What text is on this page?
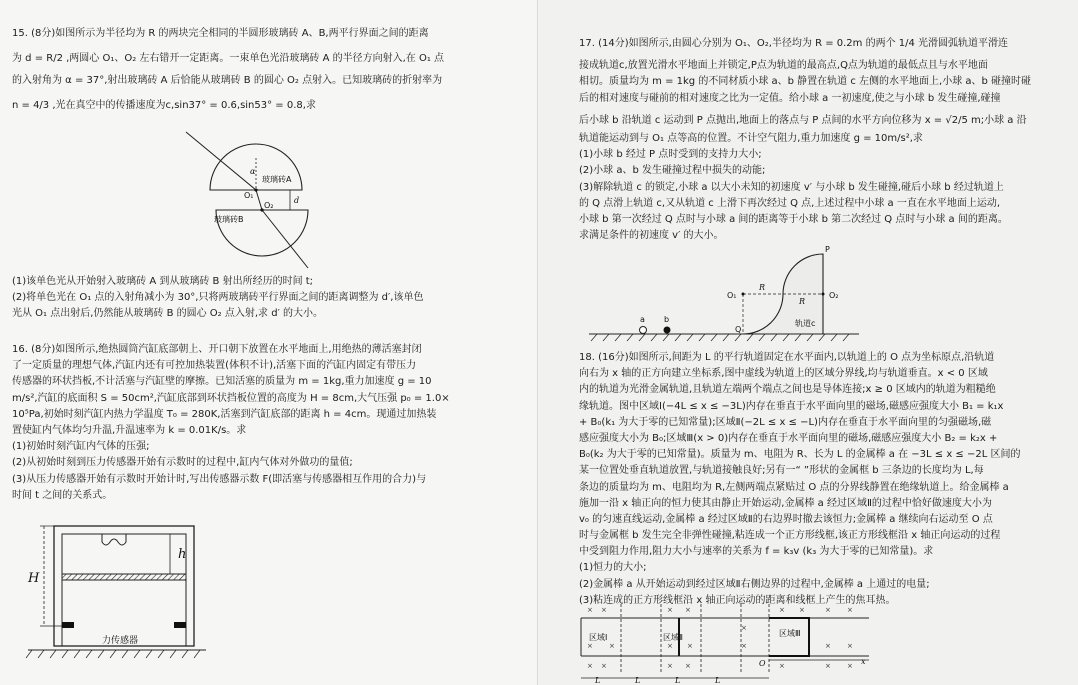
15. (8分)如图所示为半径均为 R 的两块完全相同的半圆形玻璃砖 A、B,两平行界面之间的距离

为 d = R/2 ,两圆心 O₁、O₂ 左右错开一定距离。一束单色光沿玻璃砖 A 的半径方向射入,在 O₁ 点

的入射角为 α = 37°,射出玻璃砖 A 后恰能从玻璃砖 B 的圆心 O₂ 点射入。已知玻璃砖的折射率为

n = 4/3 ,光在真空中的传播速度为c,sin37° = 0.6,sin53° = 0.8,求

α
O₁
O₂
玻璃砖A
玻璃砖B
d

(1)该单色光从开始射入玻璃砖 A 到从玻璃砖 B 射出所经历的时间 t;

(2)将单色光在 O₁ 点的入射角减小为 30°,只将两玻璃砖平行界面之间的距离调整为 d′,该单色

光从 O₁ 点出射后,仍然能从玻璃砖 B 的圆心 O₂ 点入射,求 d′ 的大小。

16. (8分)如图所示,绝热圆筒汽缸底部朝上、开口朝下放置在水平地面上,用绝热的薄活塞封闭

了一定质量的理想气体,汽缸内还有可控加热装置(体积不计),活塞下面的汽缸内固定有带压力

传感器的环状挡板,不计活塞与汽缸壁的摩擦。已知活塞的质量为 m = 1kg,重力加速度 g = 10

m/s²,汽缸的底面积 S = 50cm²,汽缸底部到环状挡板位置的高度为 H = 8cm,大气压强 p₀ = 1.0×

10⁵Pa,初始时刻汽缸内热力学温度 T₀ = 280K,活塞到汽缸底部的距离 h = 4cm。现通过加热装

置使缸内气体均匀升温,升温速率为 k = 0.01K/s。求

(1)初始时刻汽缸内气体的压强;

(2)从初始时刻到压力传感器开始有示数时的过程中,缸内气体对外做功的量值;

(3)从压力传感器开始有示数时开始计时,写出传感器示数 F(即活塞与传感器相互作用的合力)与

时间 t 之间的关系式。

H
h
力传感器

17. (14分)如图所示,由圆心分别为 O₁、O₂,半径均为 R = 0.2m 的两个 1/4 光滑圆弧轨道平滑连

接成轨道c,放置光滑水平地面上并锁定,P点为轨道的最高点,Q点为轨道的最低点且与水平地面

相切。质量均为 m = 1kg 的不同材质小球 a、b 静置在轨道 c 左侧的水平地面上,小球 a、b 碰撞时碰

后的相对速度与碰前的相对速度之比为一定值。给小球 a 一初速度,使之与小球 b 发生碰撞,碰撞

后小球 b 沿轨道 c 运动到 P 点抛出,地面上的落点与 P 点间的水平方向位移为 x = √2/5 m;小球 a 沿

轨道能运动到与 O₁ 点等高的位置。不计空气阻力,重力加速度 g = 10m/s²,求

(1)小球 b 经过 P 点时受到的支持力大小;

(2)小球 a、b 发生碰撞过程中损失的动能;

(3)解除轨道 c 的锁定,小球 a 以大小未知的初速度 v′ 与小球 b 发生碰撞,碰后小球 b 经过轨道上

的 Q 点滑上轨道 c,又从轨道 c 上滑下再次经过 Q 点,上述过程中小球 a 一直在水平地面上运动,

小球 b 第一次经过 Q 点时与小球 a 间的距离等于小球 b 第二次经过 Q 点时与小球 a 间的距离。

求满足条件的初速度 v′ 的大小。

P
Q
O₁	O₂
R
R
a b	轨道c

18. (16分)如图所示,间距为 L 的平行轨道固定在水平面内,以轨道上的 O 点为坐标原点,沿轨道

向右为 x 轴的正方向建立坐标系,图中虚线为轨道上的区域分界线,均与轨道垂直。x < 0 区域

内的轨道为光滑金属轨道,且轨道左端两个端点之间也是导体连接;x ≥ 0 区域内的轨道为粗糙绝

缘轨道。图中区域Ⅰ(−4L ≤ x ≤ −3L)内存在垂直于水平面向里的磁场,磁感应强度大小 B₁ = k₁x

+ B₀(k₁ 为大于零的已知常量);区域Ⅱ(−2L ≤ x ≤ −L)内存在垂直于水平面向里的匀强磁场,磁

感应强度大小为 B₀;区域Ⅲ(x > 0)内存在垂直于水平面向里的磁场,磁感应强度大小 B₂ = k₂x +

B₀(k₂ 为大于零的已知常量)。质量为 m、电阻为 R、长为 L 的金属棒 a 在 −3L ≤ x ≤ −2L 区间的

某一位置处垂直轨道放置,与轨道接触良好;另有一“ ”形状的金属框 b 三条边的长度均为 L,每

条边的质量均为 m、电阻均为 R,左侧两端点紧贴过 O 点的分界线静置在绝缘轨道上。给金属棒 a

施加一沿 x 轴正向的恒力使其由静止开始运动,金属棒 a 经过区域Ⅱ的过程中恰好做速度大小为

v₀ 的匀速直线运动,金属棒 a 经过区域Ⅱ的右边界时撤去该恒力;金属棒 a 继续向右运动至 O 点

时与金属框 b 发生完全非弹性碰撞,粘连成一个正方形线框,该正方形线框沿 x 轴正向运动的过程

中受到阻力作用,阻力大小与速率的关系为 f = k₃v (k₃ 为大于零的已知常量)。求

(1)恒力的大小;

(2)金属棒 a 从开始运动到经过区域Ⅱ右侧边界的过程中,金属棒 a 上通过的电量;

(3)粘连成的正方形线框沿 x 轴正向运动的距离和线框上产生的焦耳热。

× ×
× ×
× ×
× ×
× ×
× ×
× ×	× ×
× ×
×	× ×
×
×
区域Ⅰ	区域Ⅱ	区域Ⅲ
O	x
L	L	L	L
